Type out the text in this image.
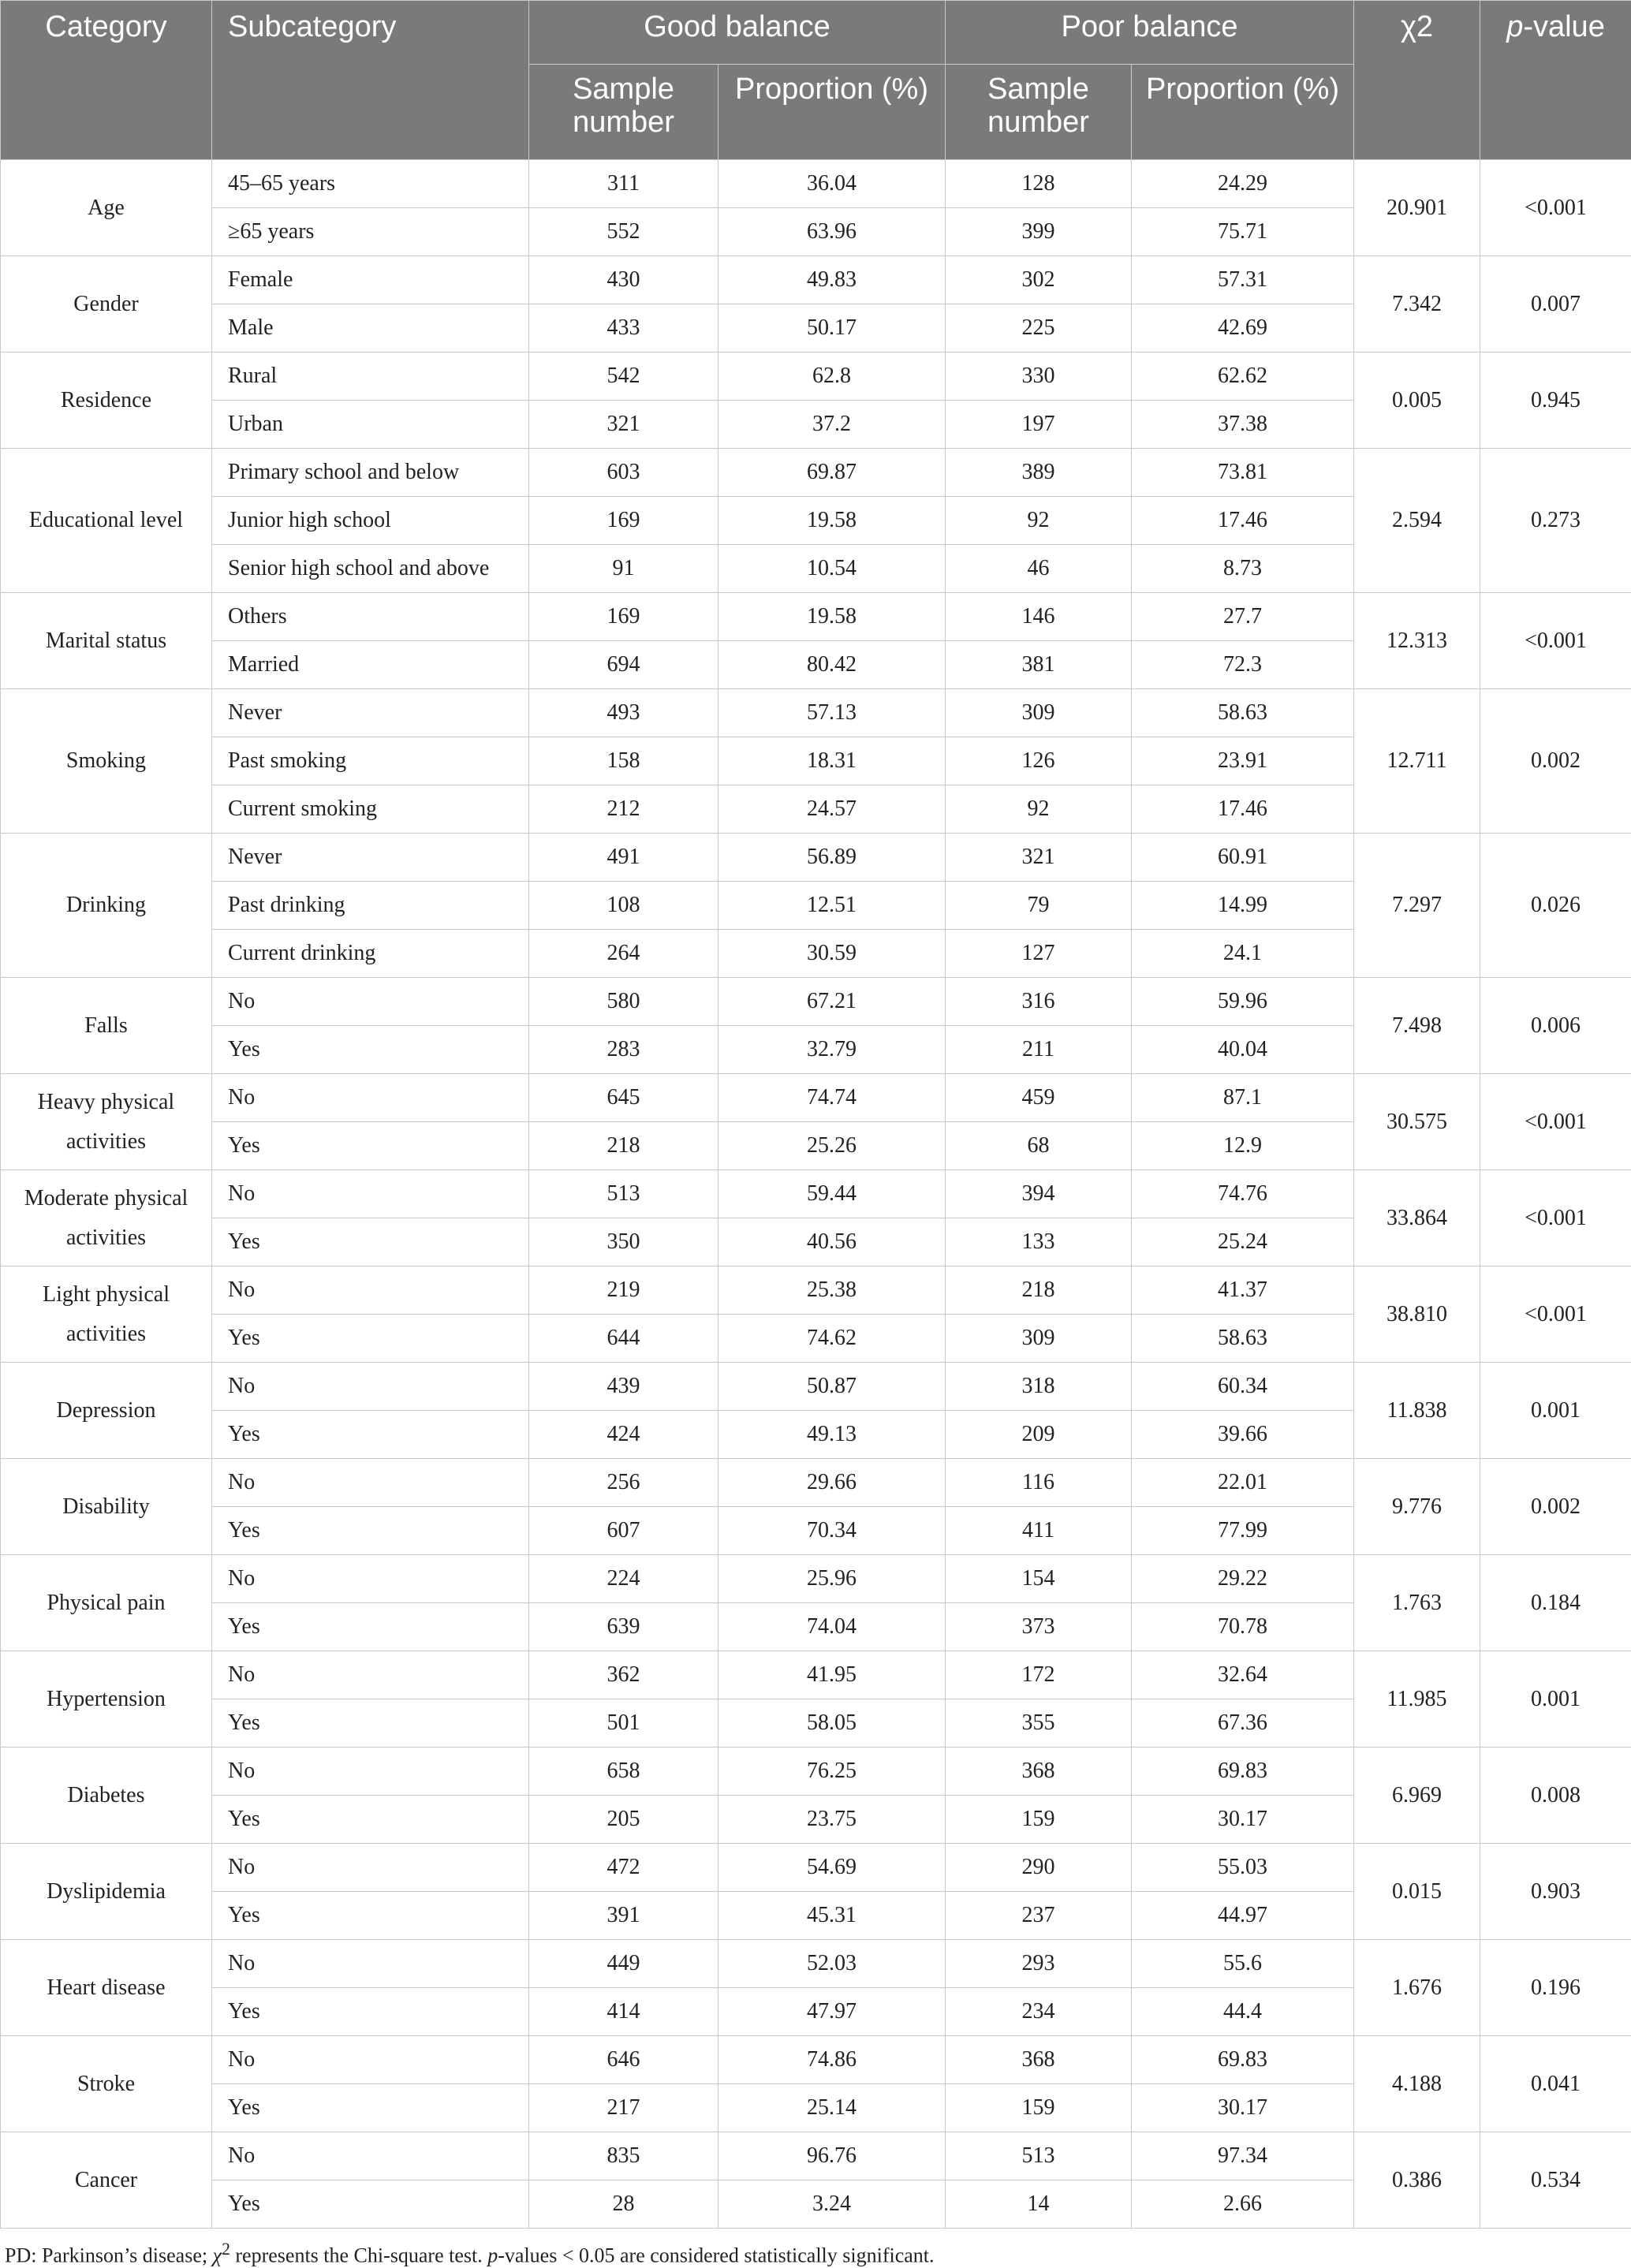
Category	Subcategory	Good balance		Poor balance		χ2	p-value
		Sample number	Proportion (%)	Sample number	Proportion (%)		
Age	45–65 years	311	36.04	128	24.29	20.901	<0.001
	≥65 years	552	63.96	399	75.71		
Gender	Female	430	49.83	302	57.31	7.342	0.007
	Male	433	50.17	225	42.69		
Residence	Rural	542	62.8	330	62.62	0.005	0.945
	Urban	321	37.2	197	37.38		
Educational level	Primary school and below	603	69.87	389	73.81	2.594	0.273
	Junior high school	169	19.58	92	17.46		
	Senior high school and above	91	10.54	46	8.73		
Marital status	Others	169	19.58	146	27.7	12.313	<0.001
	Married	694	80.42	381	72.3		
Smoking	Never	493	57.13	309	58.63	12.711	0.002
	Past smoking	158	18.31	126	23.91		
	Current smoking	212	24.57	92	17.46		
Drinking	Never	491	56.89	321	60.91	7.297	0.026
	Past drinking	108	12.51	79	14.99		
	Current drinking	264	30.59	127	24.1		
Falls	No	580	67.21	316	59.96	7.498	0.006
	Yes	283	32.79	211	40.04		
Heavy physical activities	No	645	74.74	459	87.1	30.575	<0.001
	Yes	218	25.26	68	12.9		
Moderate physical activities	No	513	59.44	394	74.76	33.864	<0.001
	Yes	350	40.56	133	25.24		
Light physical activities	No	219	25.38	218	41.37	38.810	<0.001
	Yes	644	74.62	309	58.63		
Depression	No	439	50.87	318	60.34	11.838	0.001
	Yes	424	49.13	209	39.66		
Disability	No	256	29.66	116	22.01	9.776	0.002
	Yes	607	70.34	411	77.99		
Physical pain	No	224	25.96	154	29.22	1.763	0.184
	Yes	639	74.04	373	70.78		
Hypertension	No	362	41.95	172	32.64	11.985	0.001
	Yes	501	58.05	355	67.36		
Diabetes	No	658	76.25	368	69.83	6.969	0.008
	Yes	205	23.75	159	30.17		
Dyslipidemia	No	472	54.69	290	55.03	0.015	0.903
	Yes	391	45.31	237	44.97		
Heart disease	No	449	52.03	293	55.6	1.676	0.196
	Yes	414	47.97	234	44.4		
Stroke	No	646	74.86	368	69.83	4.188	0.041
	Yes	217	25.14	159	30.17		
Cancer	No	835	96.76	513	97.34	0.386	0.534
	Yes	28	3.24	14	2.66		
PD: Parkinson’s disease; $\chi^2$ represents the Chi-square test. p-values < 0.05 are considered statistically significant.
